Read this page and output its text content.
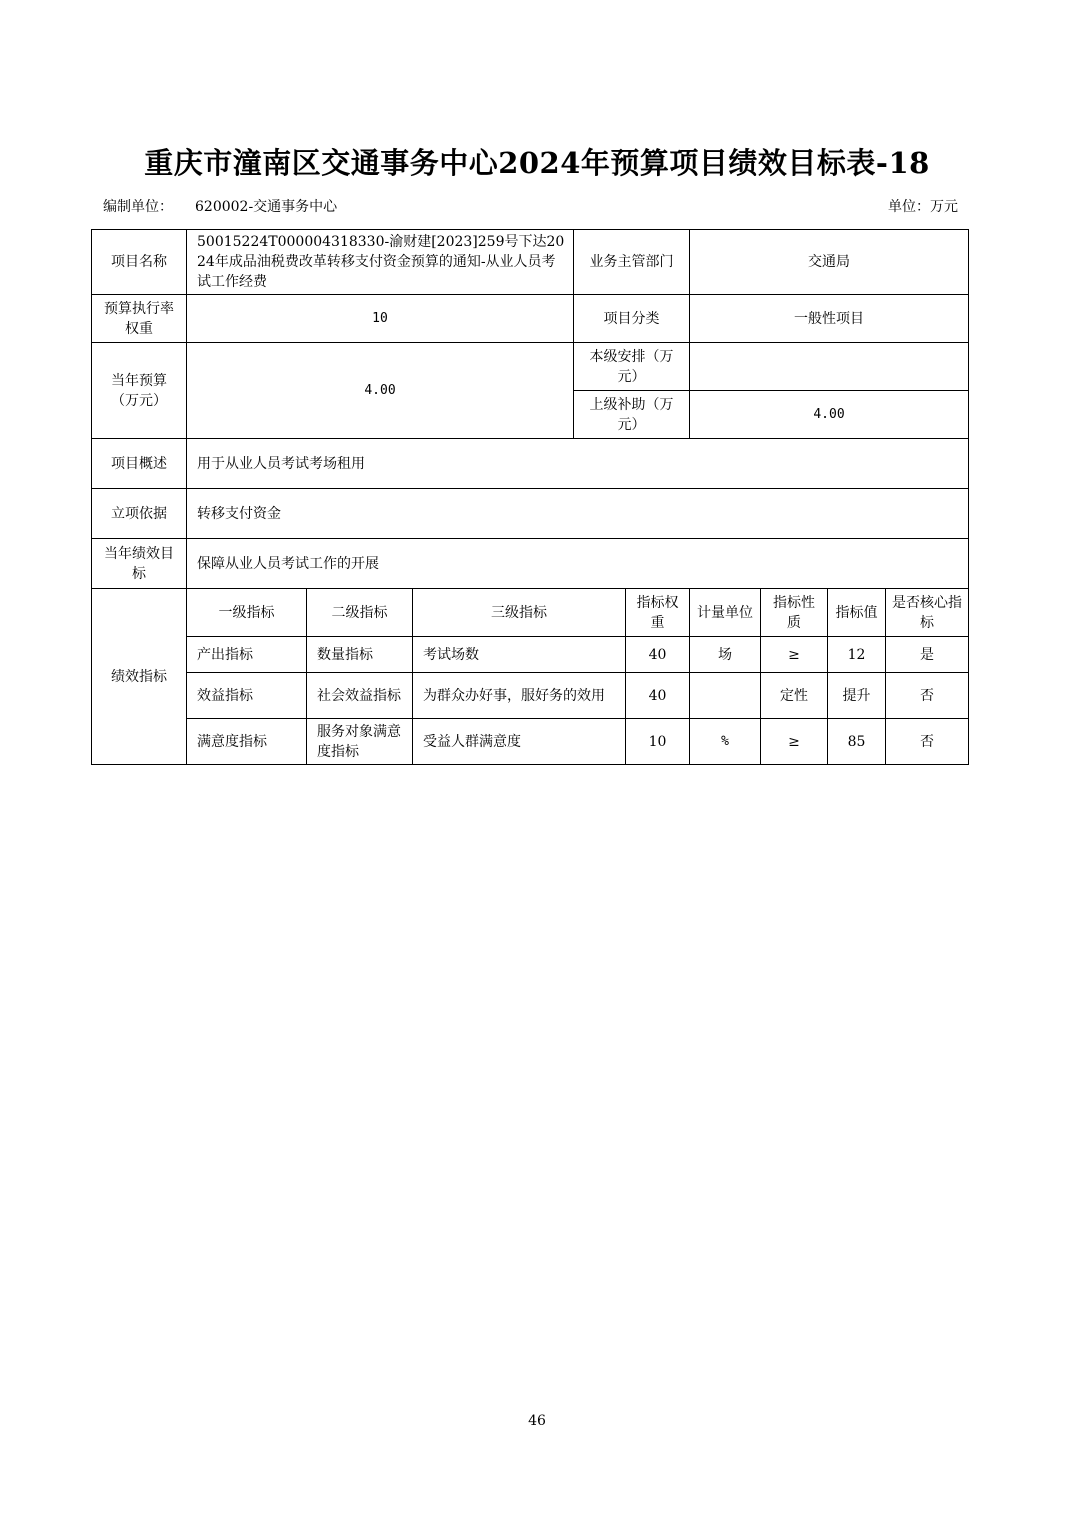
重庆市潼南区交通事务中心2024年预算项目绩效目标表-18
编制单位： 620002-交通事务中心	单位：万元
项目名称	50015224T000004318330-渝财建[2023]259号下达2024年成品油税费改革转移支付资金预算的通知-从业人员考试工作经费			业务主管部门		交通局			
预算执行率权重	10			项目分类		一般性项目			
当年预算（万元）	4.00			本级安排（万元）					
				上级补助（万元）		4.00			
项目概述	用于从业人员考试考场租用								
立项依据	转移支付资金								
当年绩效目标	保障从业人员考试工作的开展								
绩效指标	一级指标	二级指标	三级指标		指标权重	计量单位	指标性质	指标值	是否核心指标
	产出指标	数量指标	考试场数		40	场	≥	12	是
	效益指标	社会效益指标	为群众办好事，服好务的效用		40		定性	提升	否
	满意度指标	服务对象满意度指标	受益人群满意度		10	%	≥	85	否
46
